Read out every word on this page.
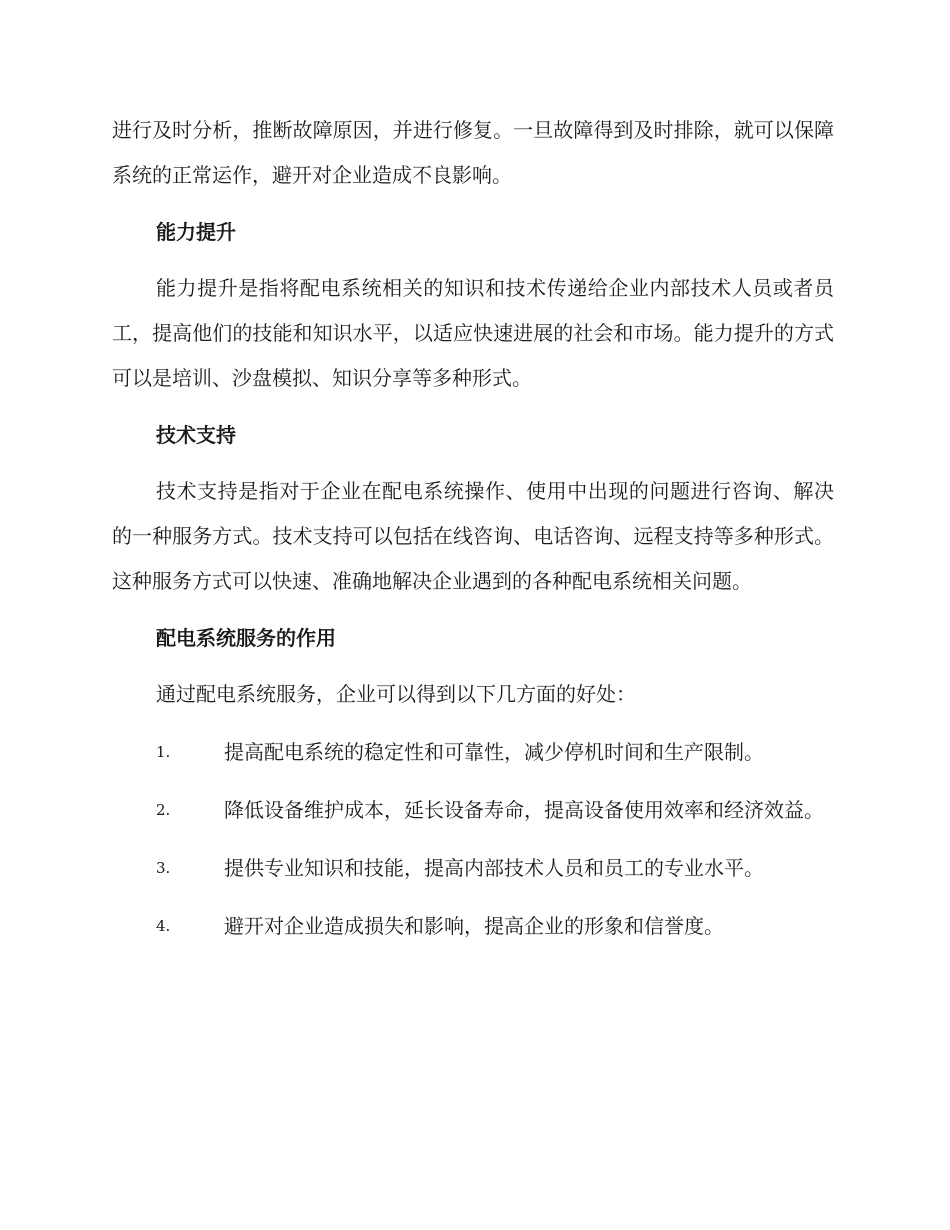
进行及时分析，推断故障原因，并进行修复。一旦故障得到及时排除，就可以保障系统的正常运作，避开对企业造成不良影响。

能力提升

能力提升是指将配电系统相关的知识和技术传递给企业内部技术人员或者员工，提高他们的技能和知识水平，以适应快速进展的社会和市场。能力提升的方式可以是培训、沙盘模拟、知识分享等多种形式。

技术支持

技术支持是指对于企业在配电系统操作、使用中出现的问题进行咨询、解决的一种服务方式。技术支持可以包括在线咨询、电话咨询、远程支持等多种形式。这种服务方式可以快速、准确地解决企业遇到的各种配电系统相关问题。

配电系统服务的作用

通过配电系统服务，企业可以得到以下几方面的好处：

1.	提高配电系统的稳定性和可靠性，减少停机时间和生产限制。
2.	降低设备维护成本，延长设备寿命，提高设备使用效率和经济效益。
3.	提供专业知识和技能，提高内部技术人员和员工的专业水平。
4.	避开对企业造成损失和影响，提高企业的形象和信誉度。
